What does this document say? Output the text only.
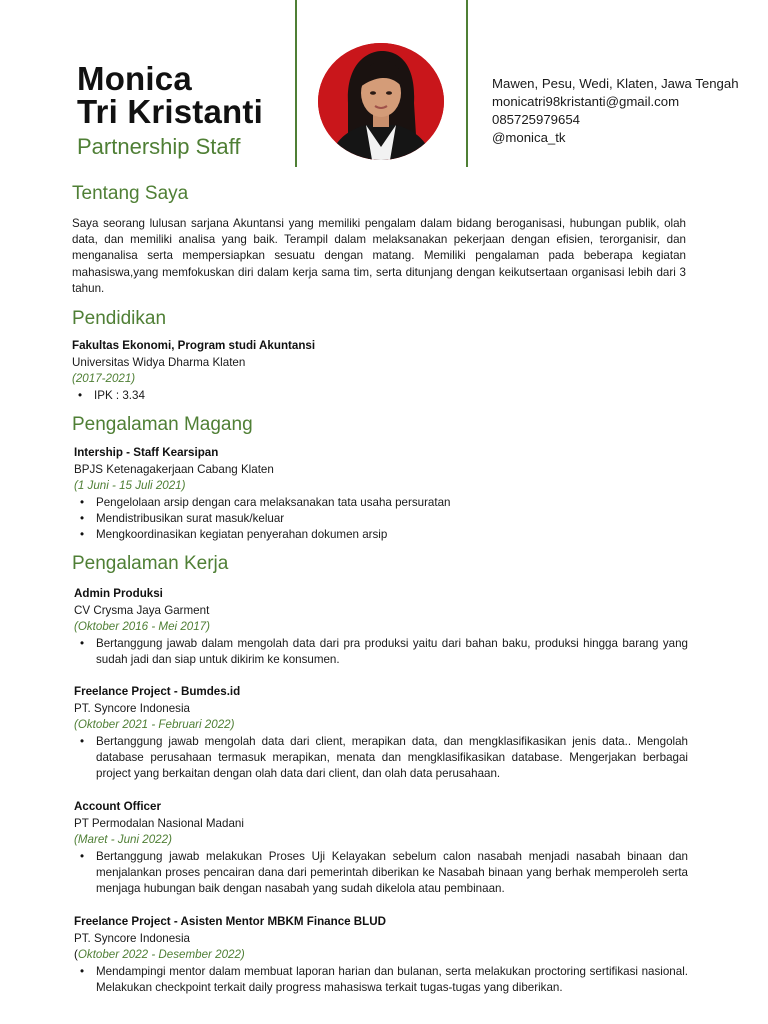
Monica
Tri Kristanti
Partnership Staff
Mawen, Pesu, Wedi, Klaten, Jawa Tengah
monicatri98kristanti@gmail.com
085725979654
@monica_tk
Tentang Saya
Saya seorang lulusan sarjana Akuntansi yang memiliki pengalam dalam bidang beroganisasi, hubungan publik, olah data, dan memiliki analisa yang baik. Terampil dalam melaksanakan pekerjaan dengan efisien, terorganisir, dan menganalisa serta mempersiapkan sesuatu dengan matang. Memiliki pengalaman pada beberapa kegiatan mahasiswa,yang memfokuskan diri dalam kerja sama tim, serta ditunjang dengan keikutsertaan organisasi lebih dari 3 tahun.
Pendidikan
Fakultas Ekonomi, Program studi Akuntansi
Universitas Widya Dharma Klaten
(2017-2021)
• IPK : 3.34
Pengalaman Magang
Intership - Staff Kearsipan
BPJS Ketenagakerjaan Cabang Klaten
(1 Juni - 15 Juli 2021)
• Pengelolaan arsip dengan cara melaksanakan tata usaha persuratan
• Mendistribusikan surat masuk/keluar
• Mengkoordinasikan kegiatan penyerahan dokumen arsip
Pengalaman Kerja
Admin Produksi
CV Crysma Jaya Garment
(Oktober 2016 - Mei 2017)
• Bertanggung jawab dalam mengolah data dari pra produksi yaitu dari bahan baku, produksi hingga barang yang sudah jadi dan siap untuk dikirim ke konsumen.
Freelance Project - Bumdes.id
PT. Syncore Indonesia
(Oktober 2021 - Februari 2022)
• Bertanggung jawab mengolah data dari client, merapikan data, dan mengklasifikasikan jenis data.. Mengolah database perusahaan termasuk merapikan, menata dan mengklasifikasikan database. Mengerjakan berbagai project yang berkaitan dengan olah data dari client, dan olah data perusahaan.
Account Officer
PT Permodalan Nasional Madani
(Maret - Juni 2022)
• Bertanggung jawab melakukan Proses Uji Kelayakan sebelum calon nasabah menjadi nasabah binaan dan menjalankan proses pencairan dana dari pemerintah diberikan ke Nasabah binaan yang berhak memperoleh serta menjaga hubungan baik dengan nasabah yang sudah dikelola atau pembinaan.
Freelance Project - Asisten Mentor MBKM Finance BLUD
PT. Syncore Indonesia
(Oktober 2022 - Desember 2022)
• Mendampingi mentor dalam membuat laporan harian dan bulanan, serta melakukan proctoring sertifikasi nasional. Melakukan checkpoint terkait daily progress mahasiswa terkait tugas-tugas yang diberikan.
